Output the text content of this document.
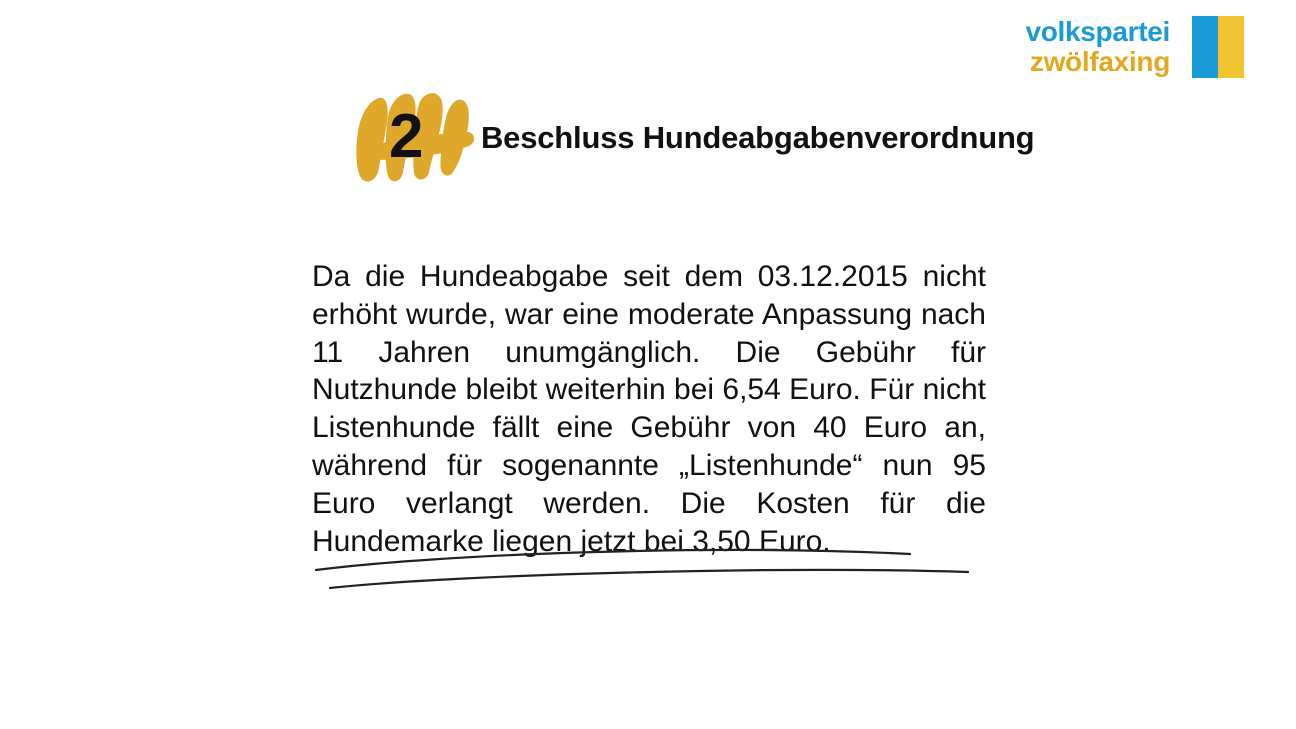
volkspartei
zwölfaxing
2 Beschluss Hundeabgabenverordnung

Da die Hundeabgabe seit dem 03.12.2015 nicht erhöht wurde, war eine moderate Anpassung nach 11 Jahren unumgänglich. Die Gebühr für Nutzhunde bleibt weiterhin bei 6,54 Euro. Für nicht Listenhunde fällt eine Gebühr von 40 Euro an, während für sogenannte „Listenhunde“ nun 95 Euro verlangt werden. Die Kosten für die Hundemarke liegen jetzt bei 3,50 Euro.
